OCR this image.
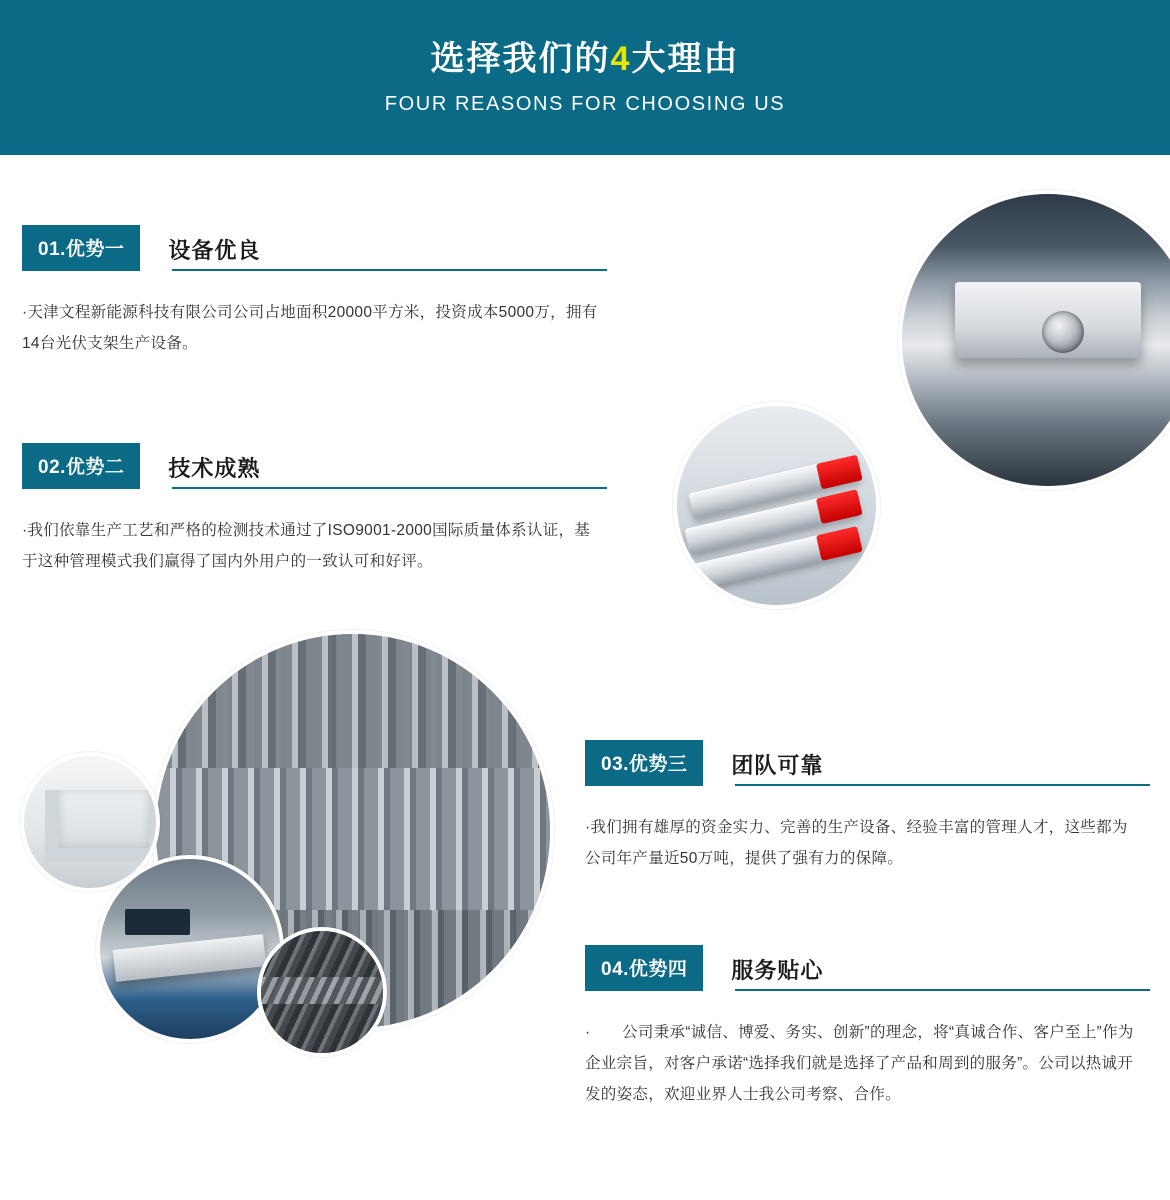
选择我们的4大理由
FOUR REASONS FOR CHOOSING US
01.优势一	设备优良
·天津文程新能源科技有限公司公司占地面积20000平方米，投资成本5000万，拥有14台光伏支架生产设备。
02.优势二	技术成熟
·我们依靠生产工艺和严格的检测技术通过了ISO9001-2000国际质量体系认证，基于这种管理模式我们赢得了国内外用户的一致认可和好评。
03.优势三	团队可靠
·我们拥有雄厚的资金实力、完善的生产设备、经验丰富的管理人才，这些都为公司年产量近50万吨，提供了强有力的保障。
04.优势四	服务贴心
·　　公司秉承“诚信、博爱、务实、创新”的理念，将“真诚合作、客户至上”作为企业宗旨，对客户承诺“选择我们就是选择了产品和周到的服务”。公司以热诚开发的姿态，欢迎业界人士我公司考察、合作。
